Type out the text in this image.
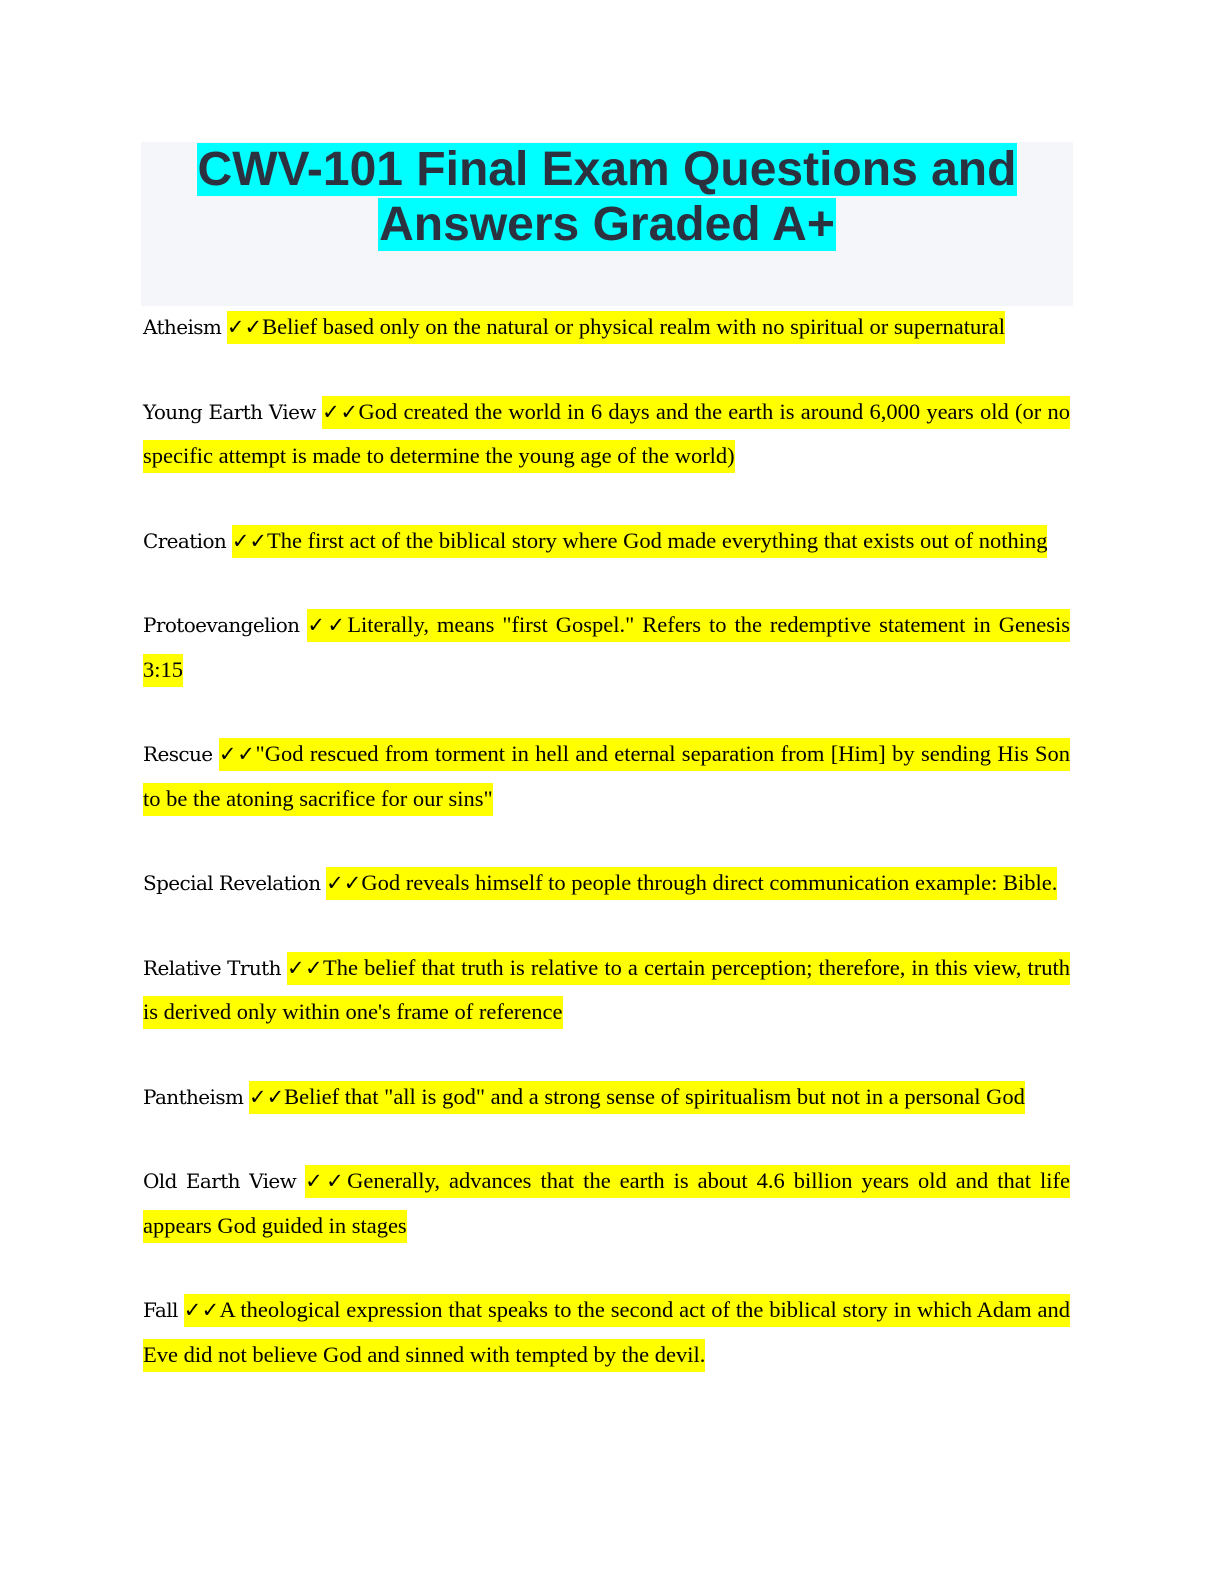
CWV-101 Final Exam Questions and Answers Graded A+

Atheism ✓✓Belief based only on the natural or physical realm with no spiritual or supernatural

Young Earth View ✓✓God created the world in 6 days and the earth is around 6,000 years old (or no specific attempt is made to determine the young age of the world)

Creation ✓✓The first act of the biblical story where God made everything that exists out of nothing

Protoevangelion ✓✓Literally, means "first Gospel." Refers to the redemptive statement in Genesis 3:15

Rescue ✓✓"God rescued from torment in hell and eternal separation from [Him] by sending His Son to be the atoning sacrifice for our sins"

Special Revelation ✓✓God reveals himself to people through direct communication example: Bible.

Relative Truth ✓✓The belief that truth is relative to a certain perception; therefore, in this view, truth is derived only within one's frame of reference

Pantheism ✓✓Belief that "all is god" and a strong sense of spiritualism but not in a personal God

Old Earth View ✓✓Generally, advances that the earth is about 4.6 billion years old and that life appears God guided in stages

Fall ✓✓A theological expression that speaks to the second act of the biblical story in which Adam and Eve did not believe God and sinned with tempted by the devil.
